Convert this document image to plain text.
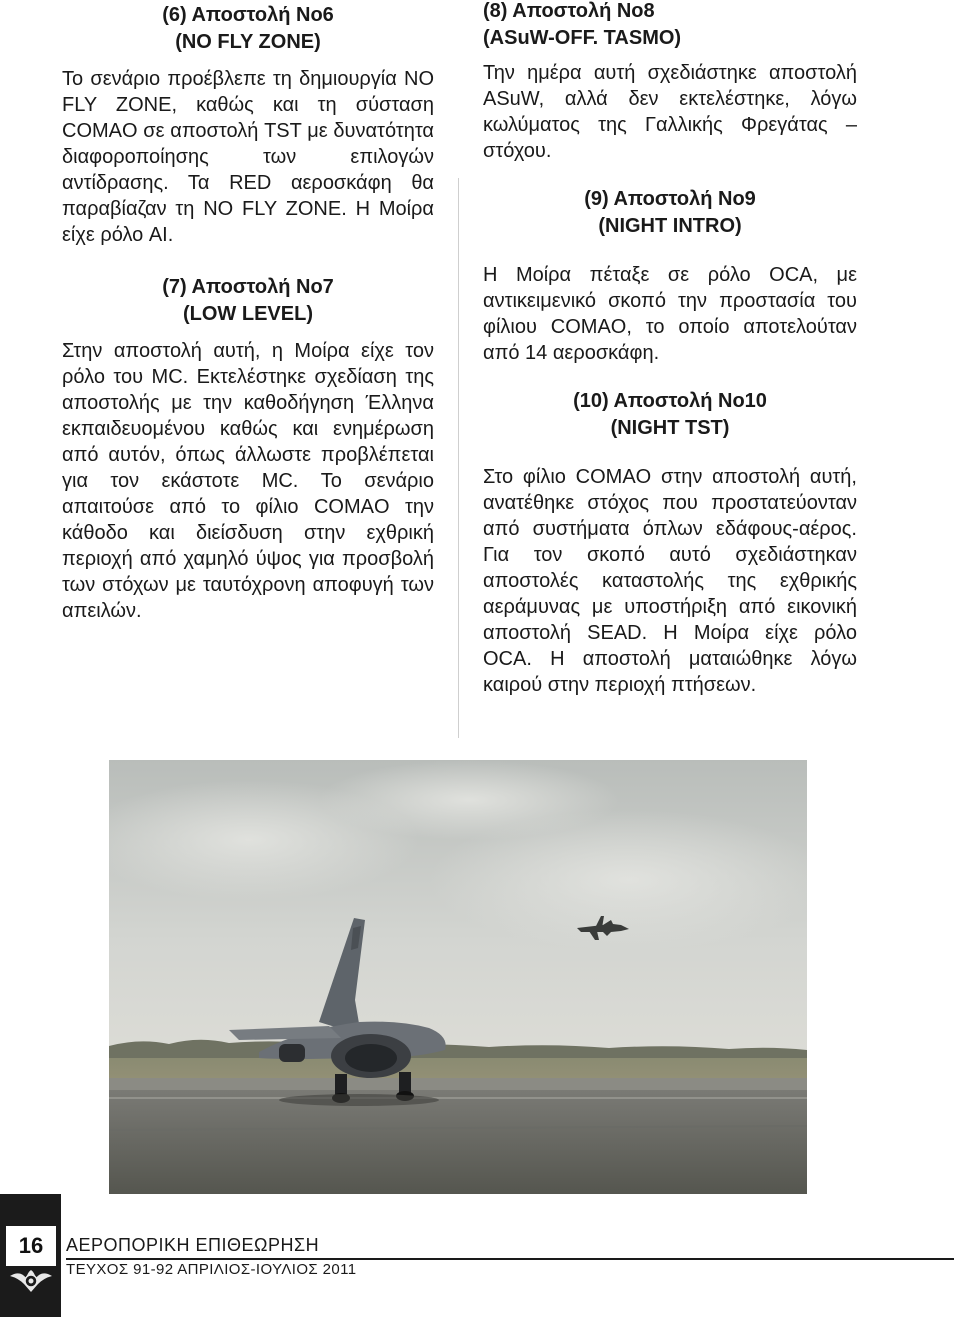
(6) Αποστολή Νο6

(NO FLY ZONE)

Το σενάριο προέβλεπε τη δημιουργία NO FLY ZONE, καθώς και τη σύσταση COMAO σε αποστολή TST με δυνατότητα διαφοροποίησης των επιλογών αντίδρασης. Τα RED αεροσκάφη θα παραβίαζαν τη NO FLY ZONE. Η Μοίρα είχε ρόλο AI.

(7) Αποστολή Νο7

(LOW LEVEL)

Στην αποστολή αυτή, η Μοίρα είχε τον ρόλο του MC. Εκτελέστηκε σχεδίαση της αποστολής με την καθοδήγηση Έλληνα εκπαιδευομένου καθώς και ενημέρωση από αυτόν, όπως άλλωστε προβλέπεται για τον εκάστοτε MC. Το σενάριο απαιτούσε από το φίλιο COMAO την κάθοδο και διείσδυση στην εχθρική περιοχή από χαμηλό ύψος για προσβολή των στόχων με ταυτόχρονη αποφυγή των απειλών.

(8) Αποστολή Νο8

(ASuW-OFF. TASMO)

Την ημέρα αυτή σχεδιάστηκε αποστολή ASuW, αλλά δεν εκτελέστηκε, λόγω κωλύματος της Γαλλικής Φρεγάτας – στόχου.

(9) Αποστολή Νο9

(NIGHT INTRO)

Η Μοίρα πέταξε σε ρόλο OCA, με αντικειμενικό σκοπό την προστασία του φίλιου COMAO, το οποίο αποτελούταν από 14 αεροσκάφη.

(10) Αποστολή Νο10

(NIGHT TST)

Στο φίλιο COMAO στην αποστολή αυτή, ανατέθηκε στόχος που προστατεύονταν από συστήματα όπλων εδάφους-αέρος. Για τον σκοπό αυτό σχεδιάστηκαν αποστολές καταστολής της εχθρικής αεράμυνας με υποστήριξη από εικονική αποστολή SEAD. Η Μοίρα είχε ρόλο OCA. Η αποστολή ματαιώθηκε λόγω καιρού στην περιοχή πτήσεων.

16	ΑΕΡΟΠΟΡΙΚΗ ΕΠΙΘΕΩΡΗΣΗ
ΤΕΥΧΟΣ 91-92 ΑΠΡΙΛΙΟΣ-ΙΟΥΛΙΟΣ 2011
